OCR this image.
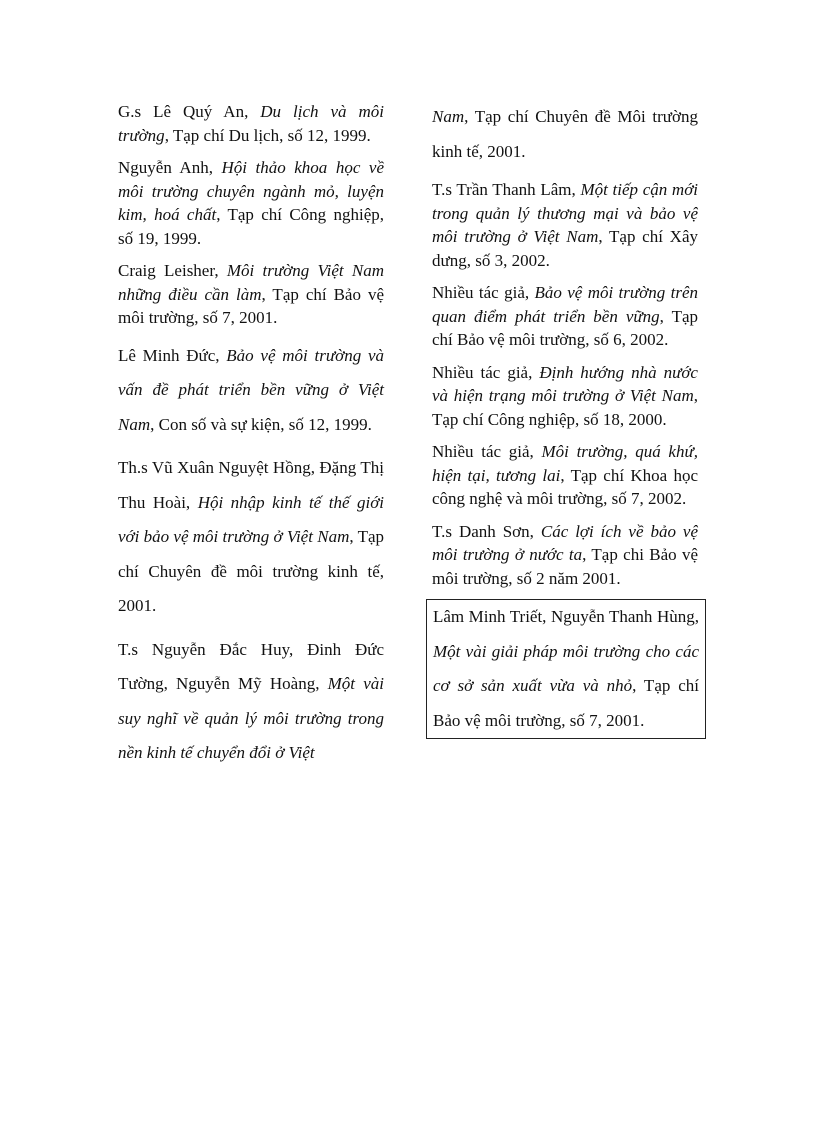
G.s Lê Quý An, Du lịch và môi trường, Tạp chí Du lịch, số 12, 1999.

Nguyễn Anh, Hội thảo khoa học về môi trường chuyên ngành mỏ, luyện kim, hoá chất, Tạp chí Công nghiệp, số 19, 1999.

Craig Leisher, Môi trường Việt Nam những điều cần làm, Tạp chí Bảo vệ môi trường, số 7, 2001.

Lê Minh Đức, Bảo vệ môi trường và vấn đề phát triển bền vững ở Việt Nam, Con số và sự kiện, số 12, 1999.

Th.s Vũ Xuân Nguyệt Hồng, Đặng Thị Thu Hoài, Hội nhập kinh tế thế giới với bảo vệ môi trường ở Việt Nam, Tạp chí Chuyên đề môi trường kinh tế, 2001.

T.s Nguyễn Đắc Huy, Đinh Đức Tường, Nguyễn Mỹ Hoàng, Một vài suy nghĩ về quản lý môi trường trong nền kinh tế chuyển đổi ở Việt

Nam, Tạp chí Chuyên đề Môi trường kinh tế, 2001.

T.s Trần Thanh Lâm, Một tiếp cận mới trong quản lý thương mại và bảo vệ môi trường ở Việt Nam, Tạp chí Xây dưng, số 3, 2002.

Nhiều tác giả, Bảo vệ môi trường trên quan điểm phát triển bền vững, Tạp chí Bảo vệ môi trường, số 6, 2002.

Nhiều tác giả, Định hướng nhà nước và hiện trạng môi trường ở Việt Nam, Tạp chí Công nghiệp, số 18, 2000.

Nhiều tác giả, Môi trường, quá khứ, hiện tại, tương lai, Tạp chí Khoa học công nghệ và môi trường, số 7, 2002.

T.s Danh Sơn, Các lợi ích về bảo vệ môi trường ở nước ta, Tạp chi Bảo vệ môi trường, số 2 năm 2001.

Lâm Minh Triết, Nguyễn Thanh Hùng, Một vài giải pháp môi trường cho các cơ sở sản xuất vừa và nhỏ, Tạp chí Bảo vệ môi trường, số 7, 2001.
